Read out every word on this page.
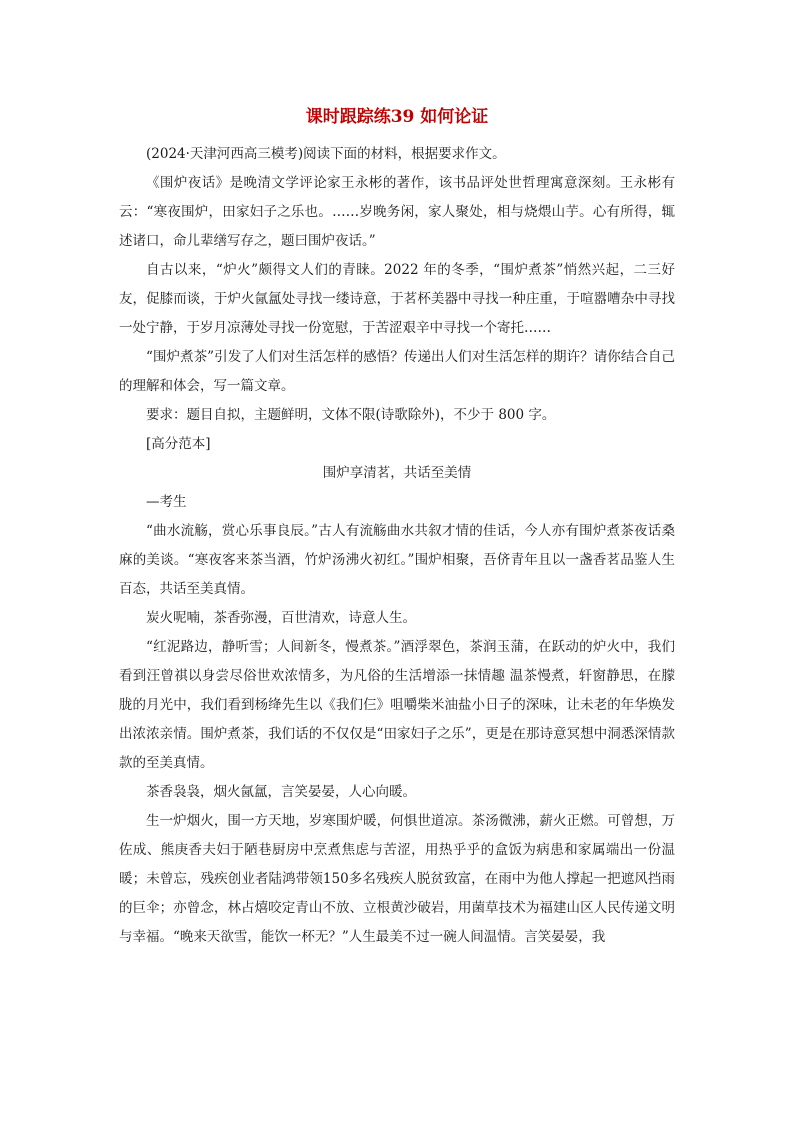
课时跟踪练39 如何论证

(2024·天津河西高三模考)阅读下面的材料，根据要求作文。

《围炉夜话》是晚清文学评论家王永彬的著作，该书品评处世哲理寓意深刻。王永彬有云：“寒夜围炉，田家妇子之乐也。……岁晚务闲，家人聚处，相与烧煨山芋。心有所得，辄述诸口，命儿辈缮写存之，题曰围炉夜话。”

自古以来，“炉火”颇得文人们的青睐。2022 年的冬季，“围炉煮茶”悄然兴起，二三好友，促膝而谈，于炉火氤氲处寻找一缕诗意，于茗杯美器中寻找一种庄重，于喧嚣嘈杂中寻找一处宁静，于岁月凉薄处寻找一份宽慰，于苦涩艰辛中寻找一个寄托……

“围炉煮茶”引发了人们对生活怎样的感悟？传递出人们对生活怎样的期许？请你结合自己的理解和体会，写一篇文章。

要求：题目自拟，主题鲜明，文体不限(诗歌除外)，不少于 800 字。

[高分范本]

围炉享清茗，共话至美情

—考生

“曲水流觞，赏心乐事良辰。”古人有流觞曲水共叙才情的佳话，今人亦有围炉煮茶夜话桑麻的美谈。“寒夜客来茶当酒，竹炉汤沸火初红。”围炉相聚，吾侪青年且以一盏香茗品鉴人生百态，共话至美真情。

炭火呢喃，茶香弥漫，百世清欢，诗意人生。

“红泥路边，静听雪；人间新冬，慢煮茶。”酒浮翠色，茶润玉蒲，在跃动的炉火中，我们看到汪曾祺以身尝尽俗世欢浓情多，为凡俗的生活增添一抹情趣 温茶慢煮，轩窗静思，在朦胧的月光中，我们看到杨绛先生以《我们仨》咀嚼柴米油盐小日子的深味，让未老的年华焕发出浓浓亲情。围炉煮茶，我们话的不仅仅是“田家妇子之乐”，更是在那诗意冥想中洞悉深情款款的至美真情。

茶香袅袅，烟火氤氲，言笑晏晏，人心向暖。

生一炉烟火，围一方天地，岁寒围炉暖，何惧世道凉。茶汤微沸，薪火正燃。可曾想，万佐成、熊庚香夫妇于陋巷厨房中烹煮焦虑与苦涩，用热乎乎的盒饭为病患和家属端出一份温暖；未曾忘，残疾创业者陆鸿带领150多名残疾人脱贫致富，在雨中为他人撑起一把遮风挡雨的巨伞；亦曾念，林占熺咬定青山不放、立根黄沙破岩，用菌草技术为福建山区人民传递文明与幸福。“晚来天欲雪，能饮一杯无？”人生最美不过一碗人间温情。言笑晏晏，我
